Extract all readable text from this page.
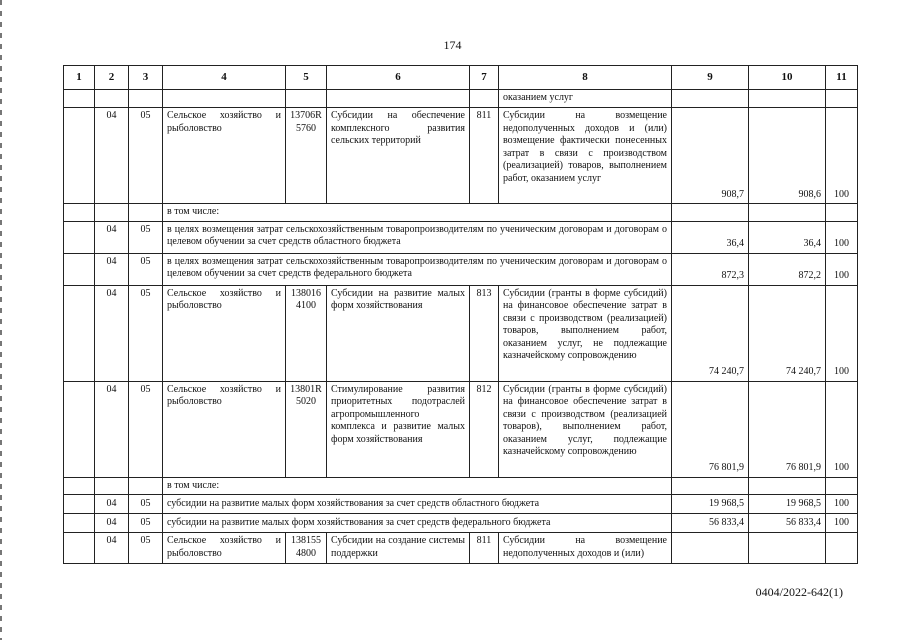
174
1	2	3	4	5	6	7	8	9	10	11
							оказанием услуг			
	04	05	Сельское хозяйство и рыболовство	13706R 5760	Субсидии на обеспечение комплексного развития сельских территорий	811	Субсидии на возмещение недополученных доходов и (или) возмещение фактически понесенных затрат в связи с производством (реализацией) товаров, выполнением работ, оказанием услуг	908,7	908,6	100
			в том числе:							
	04	05	в целях возмещения затрат сельскохозяйственным товаропроизводителям по ученическим договорам и договорам о целевом обучении за счет средств областного бюджета					36,4	36,4	100
	04	05	в целях возмещения затрат сельскохозяйственным товаропроизводителям по ученическим договорам и договорам о целевом обучении за счет средств федерального бюджета					872,3	872,2	100
	04	05	Сельское хозяйство и рыболовство	138016 4100	Субсидии на развитие малых форм хозяйствования	813	Субсидии (гранты в форме субсидий) на финансовое обеспечение затрат в связи с производством (реализацией) товаров, выполнением работ, оказанием услуг, не подлежащие казначейскому сопровождению	74 240,7	74 240,7	100
	04	05	Сельское хозяйство и рыболовство	13801R 5020	Стимулирование развития приоритетных подотраслей агропромышленного комплекса и развитие малых форм хозяйствования	812	Субсидии (гранты в форме субсидий) на финансовое обеспечение затрат в связи с производством (реализацией товаров), выполнением работ, оказанием услуг, подлежащие казначейскому сопровождению	76 801,9	76 801,9	100
			в том числе:							
	04	05	субсидии на развитие малых форм хозяйствования за счет средств областного бюджета					19 968,5	19 968,5	100
	04	05	субсидии на развитие малых форм хозяйствования за счет средств федерального бюджета					56 833,4	56 833,4	100
	04	05	Сельское хозяйство и рыболовство	138155 4800	Субсидии на создание системы поддержки	811	Субсидии на возмещение недополученных доходов и (или)			
0404/2022-642(1)
